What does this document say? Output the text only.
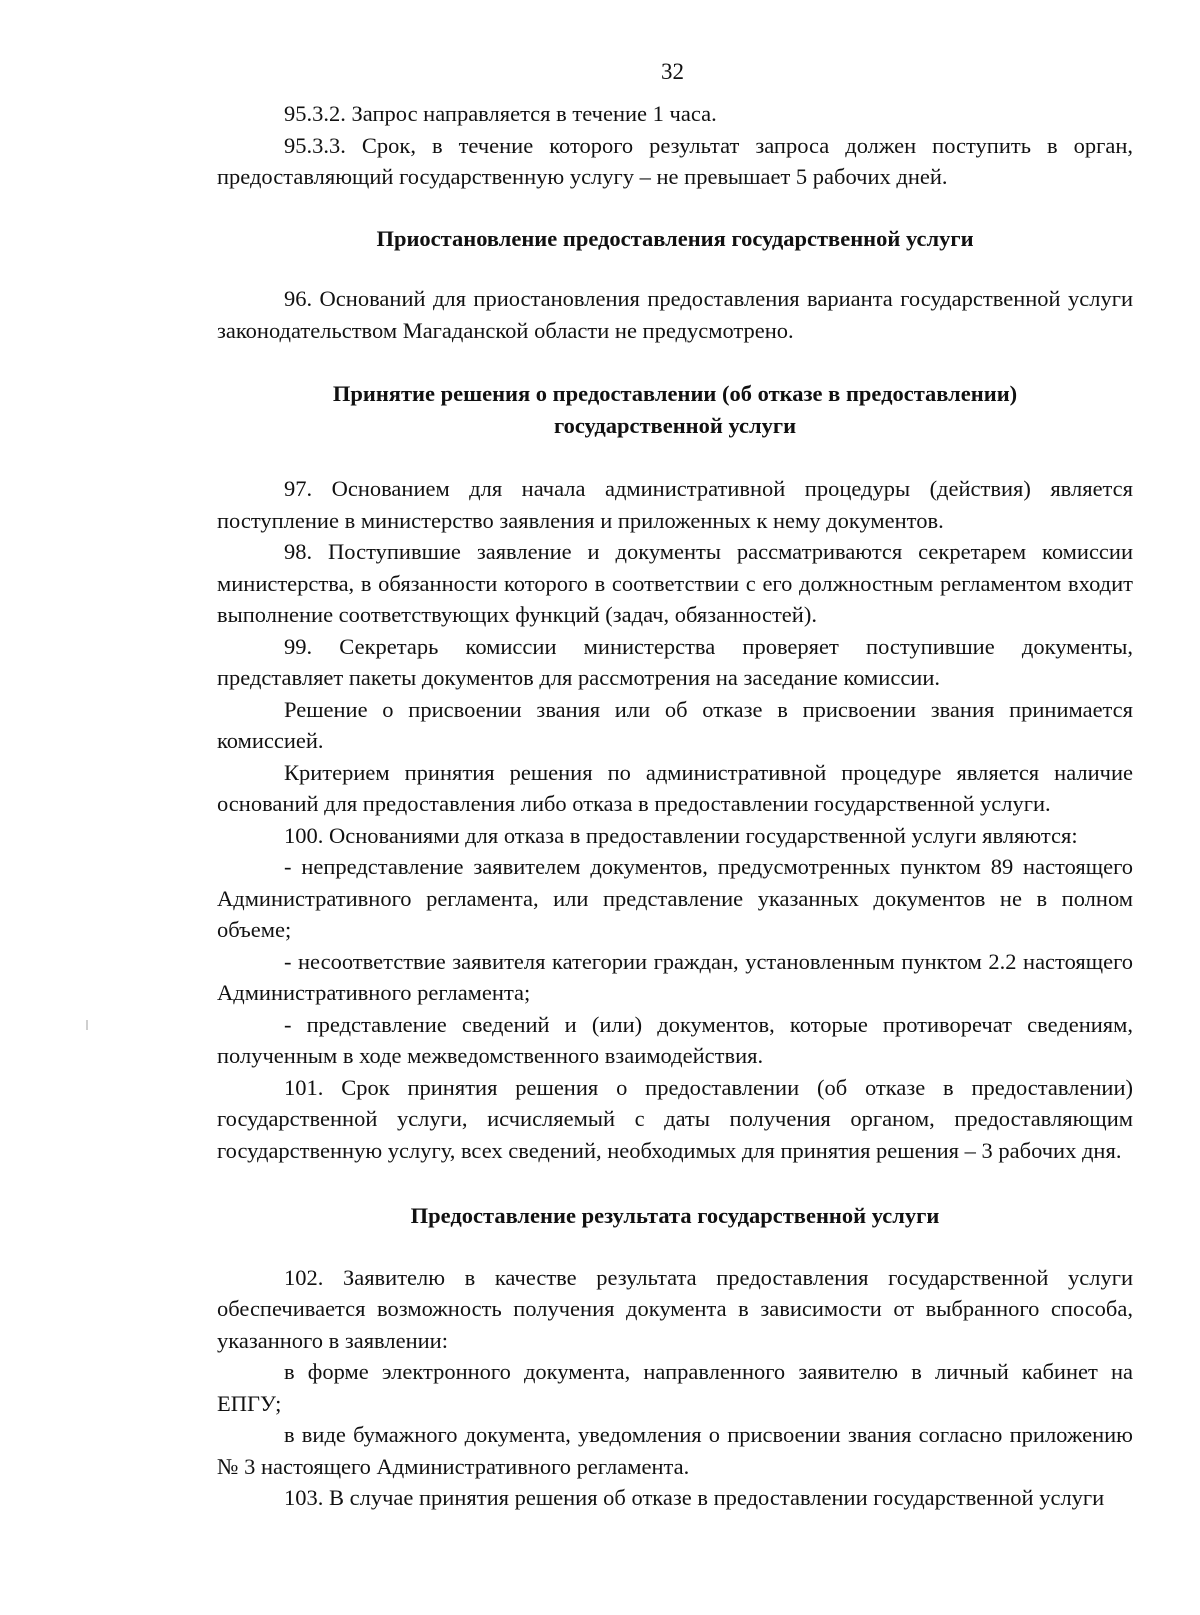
32

95.3.2. Запрос направляется в течение 1 часа.

95.3.3. Срок, в течение которого результат запроса должен поступить в орган, предоставляющий государственную услугу – не превышает 5 рабочих дней.

Приостановление предоставления государственной услуги

96. Оснований для приостановления предоставления варианта государственной услуги законодательством Магаданской области не предусмотрено.

Принятие решения о предоставлении (об отказе в предоставлении)
государственной услуги

97. Основанием для начала административной процедуры (действия) является поступление в министерство заявления и приложенных к нему документов.

98. Поступившие заявление и документы рассматриваются секретарем комиссии министерства, в обязанности которого в соответствии с его должностным регламентом входит выполнение соответствующих функций (задач, обязанностей).

99. Секретарь комиссии министерства проверяет поступившие документы, представляет пакеты документов для рассмотрения на заседание комиссии.

Решение о присвоении звания или об отказе в присвоении звания принимается комиссией.

Критерием принятия решения по административной процедуре является наличие оснований для предоставления либо отказа в предоставлении государственной услуги.

100. Основаниями для отказа в предоставлении государственной услуги являются:

- непредставление заявителем документов, предусмотренных пунктом 89 настоящего Административного регламента, или представление указанных документов не в полном объеме;

- несоответствие заявителя категории граждан, установленным пунктом 2.2 настоящего Административного регламента;

- представление сведений и (или) документов, которые противоречат сведениям, полученным в ходе межведомственного взаимодействия.

101. Срок принятия решения о предоставлении (об отказе в предоставлении) государственной услуги, исчисляемый с даты получения органом, предоставляющим государственную услугу, всех сведений, необходимых для принятия решения – 3 рабочих дня.

Предоставление результата государственной услуги

102. Заявителю в качестве результата предоставления государственной услуги обеспечивается возможность получения документа в зависимости от выбранного способа, указанного в заявлении:

в форме электронного документа, направленного заявителю в личный кабинет на ЕПГУ;

в виде бумажного документа, уведомления о присвоении звания согласно приложению № 3 настоящего Административного регламента.

103. В случае принятия решения об отказе в предоставлении государственной услуги
